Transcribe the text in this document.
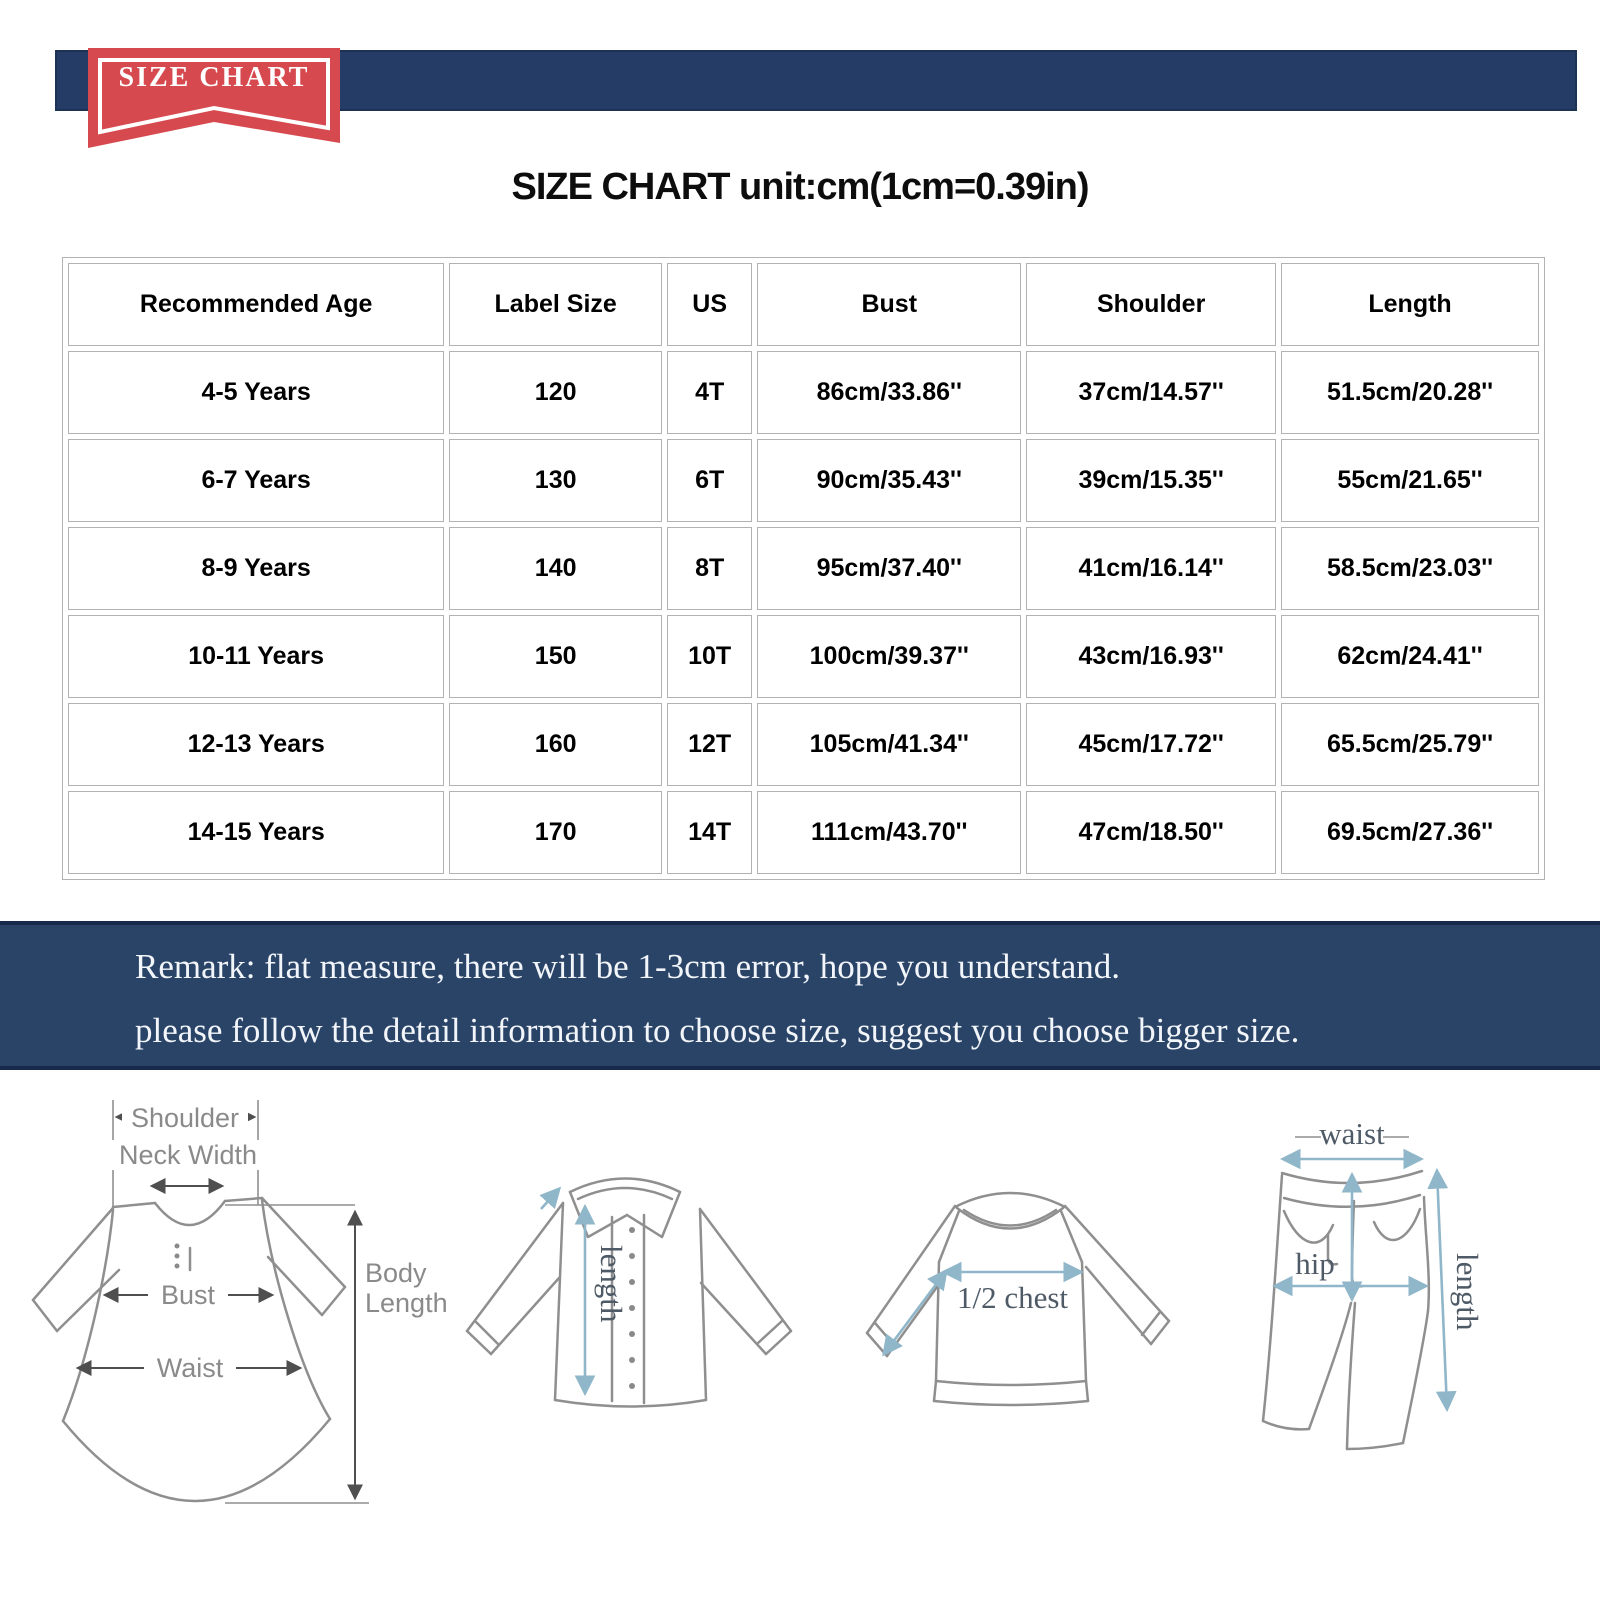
SIZE CHART
SIZE CHART unit:cm(1cm=0.39in)
Recommended Age	Label Size	US	Bust	Shoulder	Length
4-5 Years	120	4T	86cm/33.86''	37cm/14.57''	51.5cm/20.28''
6-7 Years	130	6T	90cm/35.43''	39cm/15.35''	55cm/21.65''
8-9 Years	140	8T	95cm/37.40''	41cm/16.14''	58.5cm/23.03''
10-11 Years	150	10T	100cm/39.37''	43cm/16.93''	62cm/24.41''
12-13 Years	160	12T	105cm/41.34''	45cm/17.72''	65.5cm/25.79''
14-15 Years	170	14T	111cm/43.70''	47cm/18.50''	69.5cm/27.36''
Remark: flat measure, there will be 1-3cm error, hope you understand.
please follow the detail information to choose size, suggest you choose bigger size.
Shoulder
Neck Width
Bust
Waist
Body
Length	length	1/2 chest
waist
hip	length
